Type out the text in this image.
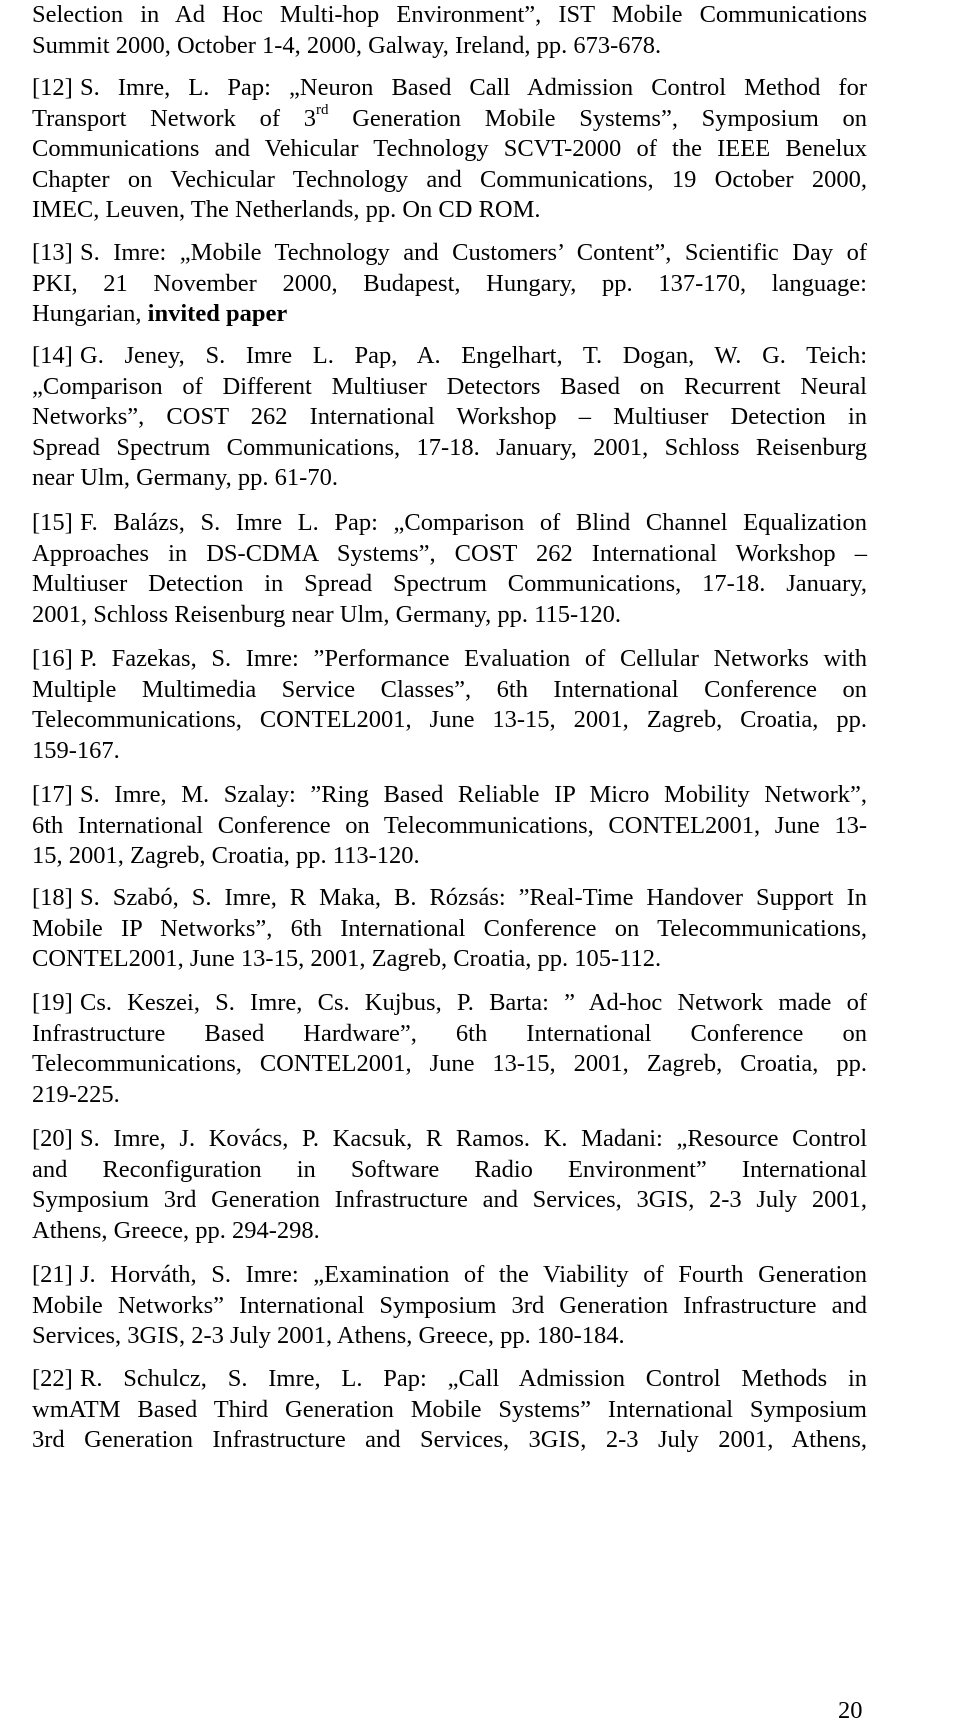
Selection in Ad Hoc Multi-hop Environment”, IST Mobile Communications
Summit 2000, October 1-4, 2000, Galway, Ireland, pp. 673-678.

[12] S. Imre, L. Pap: „Neuron Based Call Admission Control Method for
Transport Network of 3rd Generation Mobile Systems”, Symposium on
Communications and Vehicular Technology SCVT-2000 of the IEEE Benelux
Chapter on Vechicular Technology and Communications, 19 October 2000,
IMEC, Leuven, The Netherlands, pp. On CD ROM.

[13] S. Imre: „Mobile Technology and Customers’ Content”, Scientific Day of
PKI, 21 November 2000, Budapest, Hungary, pp. 137-170, language:
Hungarian, invited paper

[14] G. Jeney, S. Imre L. Pap, A. Engelhart, T. Dogan, W. G. Teich:
„Comparison of Different Multiuser Detectors Based on Recurrent Neural
Networks”, COST 262 International Workshop – Multiuser Detection in
Spread Spectrum Communications, 17-18. January, 2001, Schloss Reisenburg
near Ulm, Germany, pp. 61-70.

[15] F. Balázs, S. Imre L. Pap: „Comparison of Blind Channel Equalization
Approaches in DS-CDMA Systems”, COST 262 International Workshop –
Multiuser Detection in Spread Spectrum Communications, 17-18. January,
2001, Schloss Reisenburg near Ulm, Germany, pp. 115-120.

[16] P. Fazekas, S. Imre: ”Performance Evaluation of Cellular Networks with
Multiple Multimedia Service Classes”, 6th International Conference on
Telecommunications, CONTEL2001, June 13-15, 2001, Zagreb, Croatia, pp.
159-167.

[17] S. Imre, M. Szalay: ”Ring Based Reliable IP Micro Mobility Network”,
6th International Conference on Telecommunications, CONTEL2001, June 13-
15, 2001, Zagreb, Croatia, pp. 113-120.

[18] S. Szabó, S. Imre, R Maka, B. Rózsás: ”Real-Time Handover Support In
Mobile IP Networks”, 6th International Conference on Telecommunications,
CONTEL2001, June 13-15, 2001, Zagreb, Croatia, pp. 105-112.

[19] Cs. Keszei, S. Imre, Cs. Kujbus, P. Barta: ” Ad-hoc Network made of
Infrastructure Based Hardware”, 6th International Conference on
Telecommunications, CONTEL2001, June 13-15, 2001, Zagreb, Croatia, pp.
219-225.

[20] S. Imre, J. Kovács, P. Kacsuk, R Ramos. K. Madani: „Resource Control
and Reconfiguration in Software Radio Environment” International
Symposium 3rd Generation Infrastructure and Services, 3GIS, 2-3 July 2001,
Athens, Greece, pp. 294-298.

[21] J. Horváth, S. Imre: „Examination of the Viability of Fourth Generation
Mobile Networks” International Symposium 3rd Generation Infrastructure and
Services, 3GIS, 2-3 July 2001, Athens, Greece, pp. 180-184.

[22] R. Schulcz, S. Imre, L. Pap: „Call Admission Control Methods in
wmATM Based Third Generation Mobile Systems” International Symposium
3rd Generation Infrastructure and Services, 3GIS, 2-3 July 2001, Athens,

20
